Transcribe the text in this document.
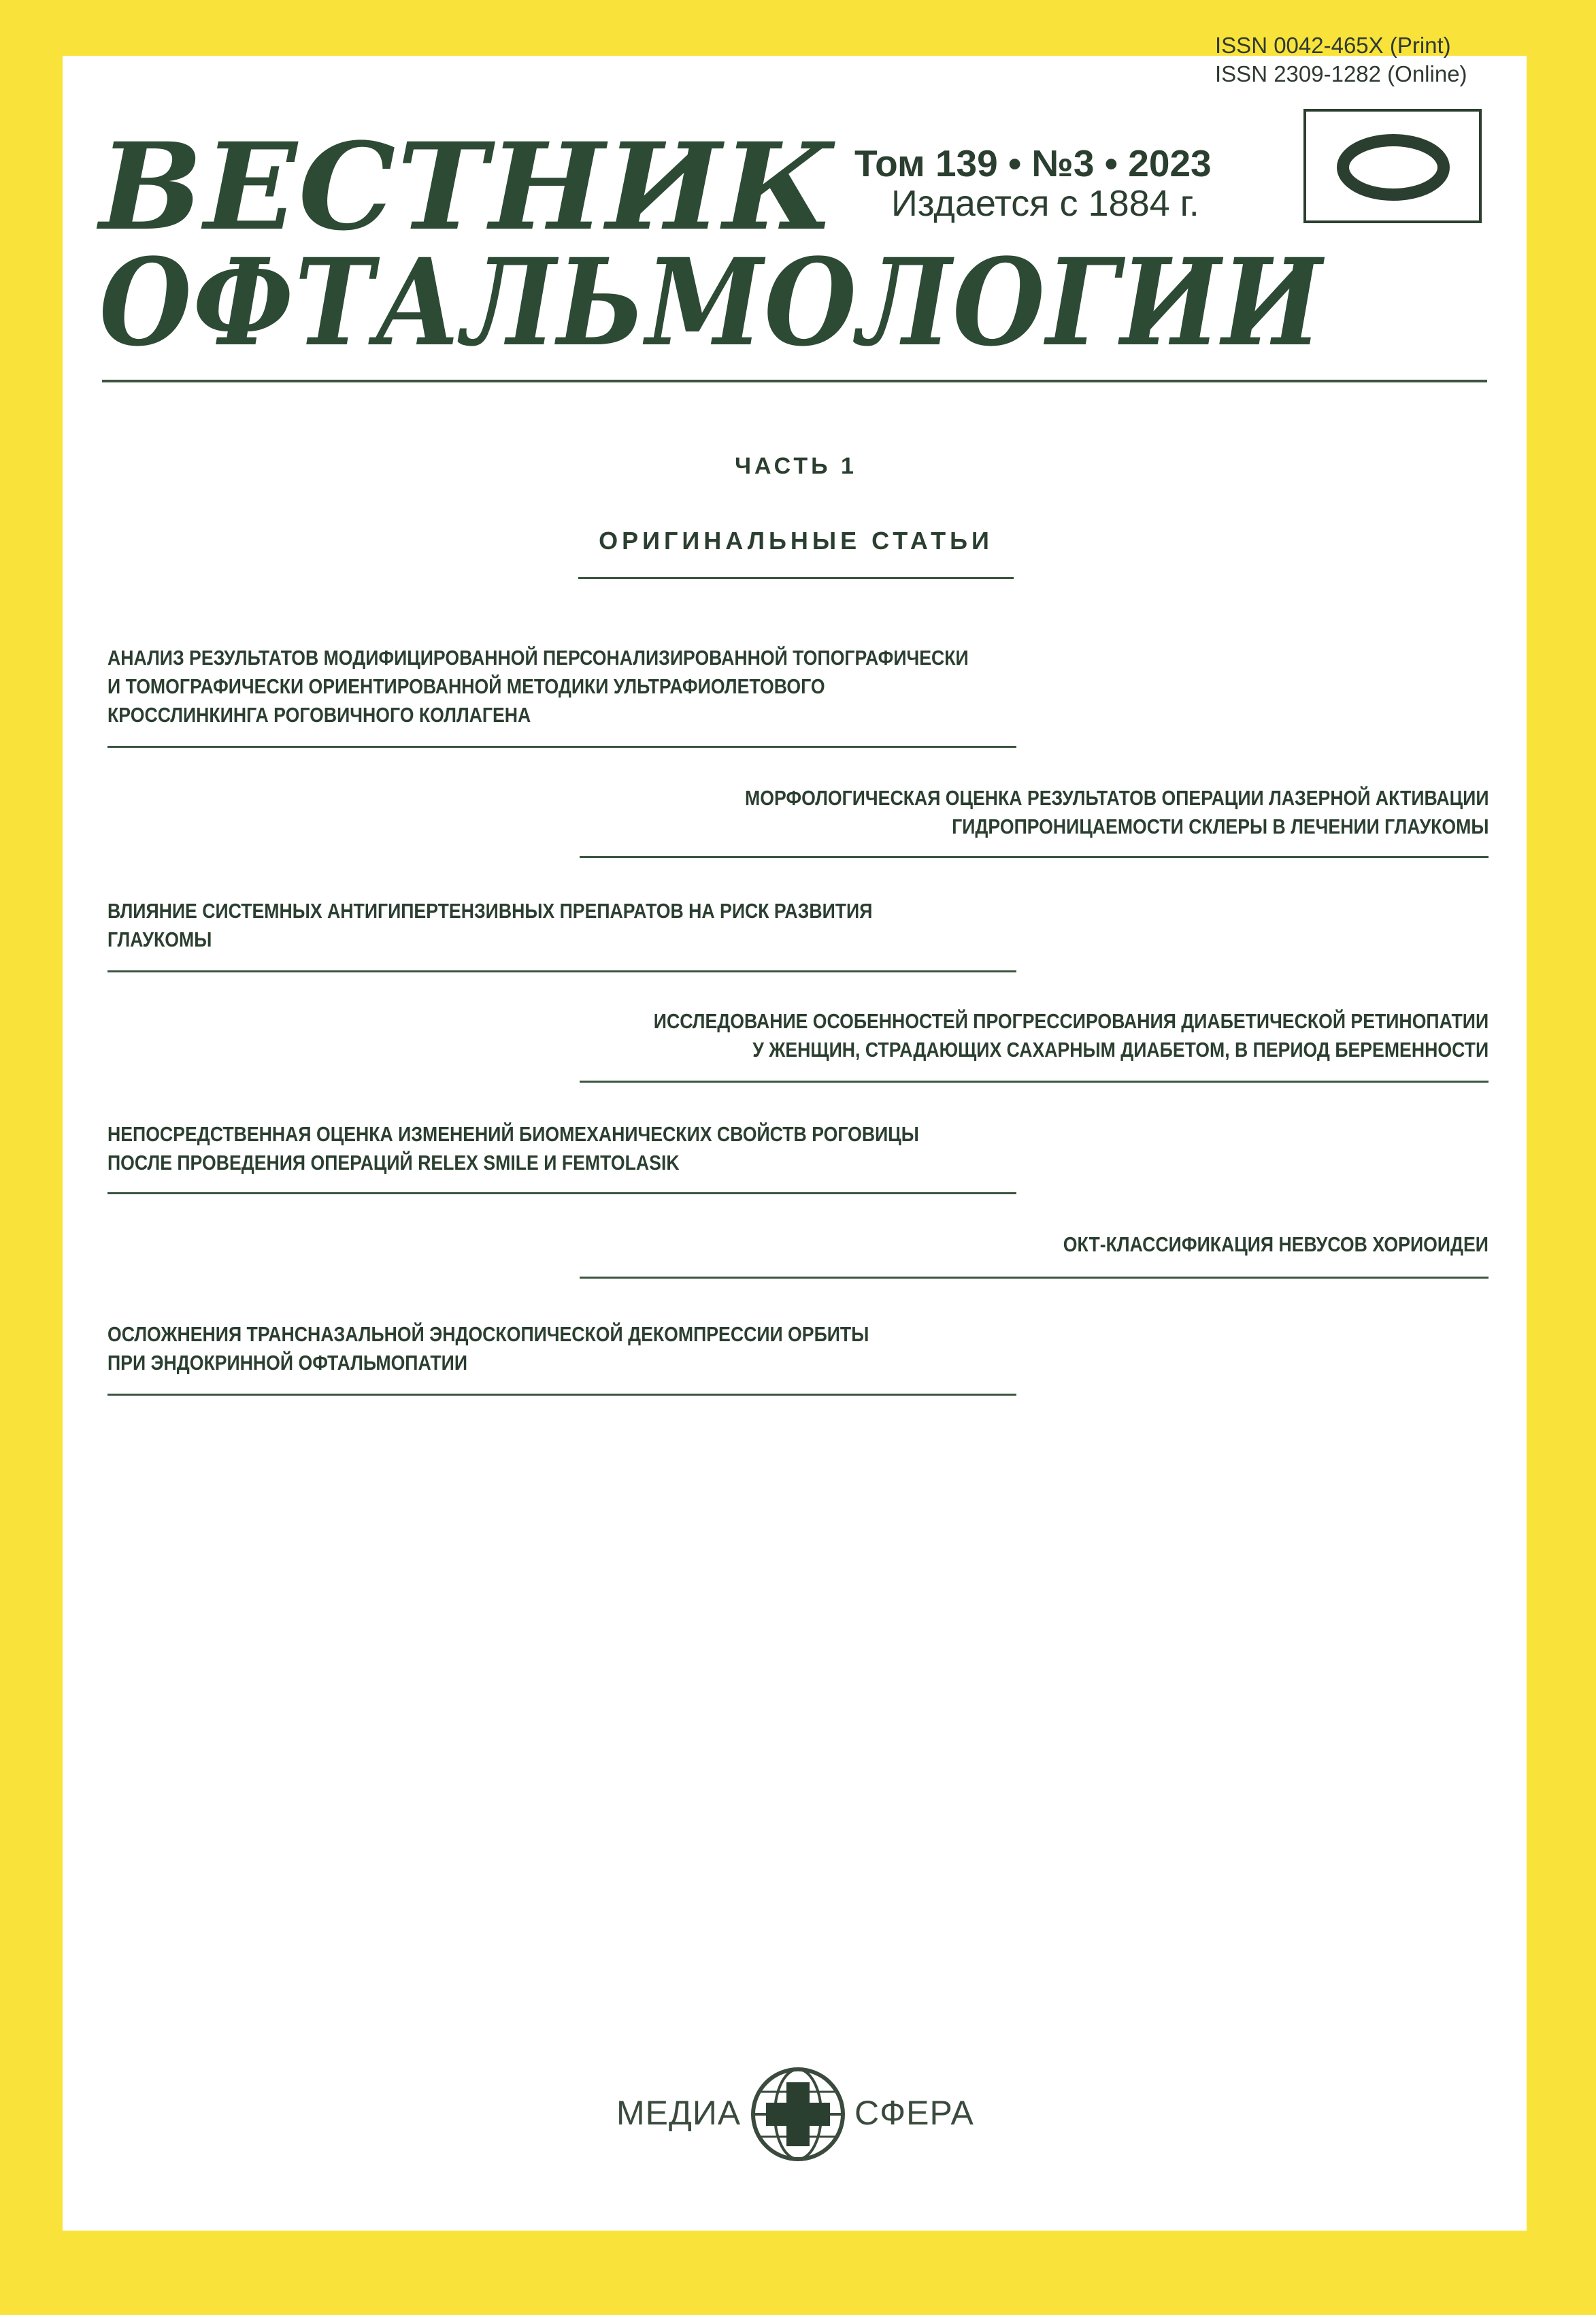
ISSN 0042-465X (Print)
ISSN 2309-1282 (Online)
ВЕСТНИК
ОФТАЛЬМОЛОГИИ
Том 139 • №3 • 2023
Издается с 1884 г.
ЧАСТЬ 1
ОРИГИНАЛЬНЫЕ СТАТЬИ
АНАЛИЗ РЕЗУЛЬТАТОВ МОДИФИЦИРОВАННОЙ ПЕРСОНАЛИЗИРОВАННОЙ ТОПОГРАФИЧЕСКИ
И ТОМОГРАФИЧЕСКИ ОРИЕНТИРОВАННОЙ МЕТОДИКИ УЛЬТРАФИОЛЕТОВОГО
КРОССЛИНКИНГА РОГОВИЧНОГО КОЛЛАГЕНА
МОРФОЛОГИЧЕСКАЯ ОЦЕНКА РЕЗУЛЬТАТОВ ОПЕРАЦИИ ЛАЗЕРНОЙ АКТИВАЦИИ
ГИДРОПРОНИЦАЕМОСТИ СКЛЕРЫ В ЛЕЧЕНИИ ГЛАУКОМЫ
ВЛИЯНИЕ СИСТЕМНЫХ АНТИГИПЕРТЕНЗИВНЫХ ПРЕПАРАТОВ НА РИСК РАЗВИТИЯ
ГЛАУКОМЫ
ИССЛЕДОВАНИЕ ОСОБЕННОСТЕЙ ПРОГРЕССИРОВАНИЯ ДИАБЕТИЧЕСКОЙ РЕТИНОПАТИИ
У ЖЕНЩИН, СТРАДАЮЩИХ САХАРНЫМ ДИАБЕТОМ, В ПЕРИОД БЕРЕМЕННОСТИ
НЕПОСРЕДСТВЕННАЯ ОЦЕНКА ИЗМЕНЕНИЙ БИОМЕХАНИЧЕСКИХ СВОЙСТВ РОГОВИЦЫ
ПОСЛЕ ПРОВЕДЕНИЯ ОПЕРАЦИЙ RELEX SMILE И FEMTOLASIK
ОКТ-КЛАССИФИКАЦИЯ НЕВУСОВ ХОРИОИДЕИ
ОСЛОЖНЕНИЯ ТРАНСНАЗАЛЬНОЙ ЭНДОСКОПИЧЕСКОЙ ДЕКОМПРЕССИИ ОРБИТЫ
ПРИ ЭНДОКРИННОЙ ОФТАЛЬМОПАТИИ
МЕДИА	СФЕРА
